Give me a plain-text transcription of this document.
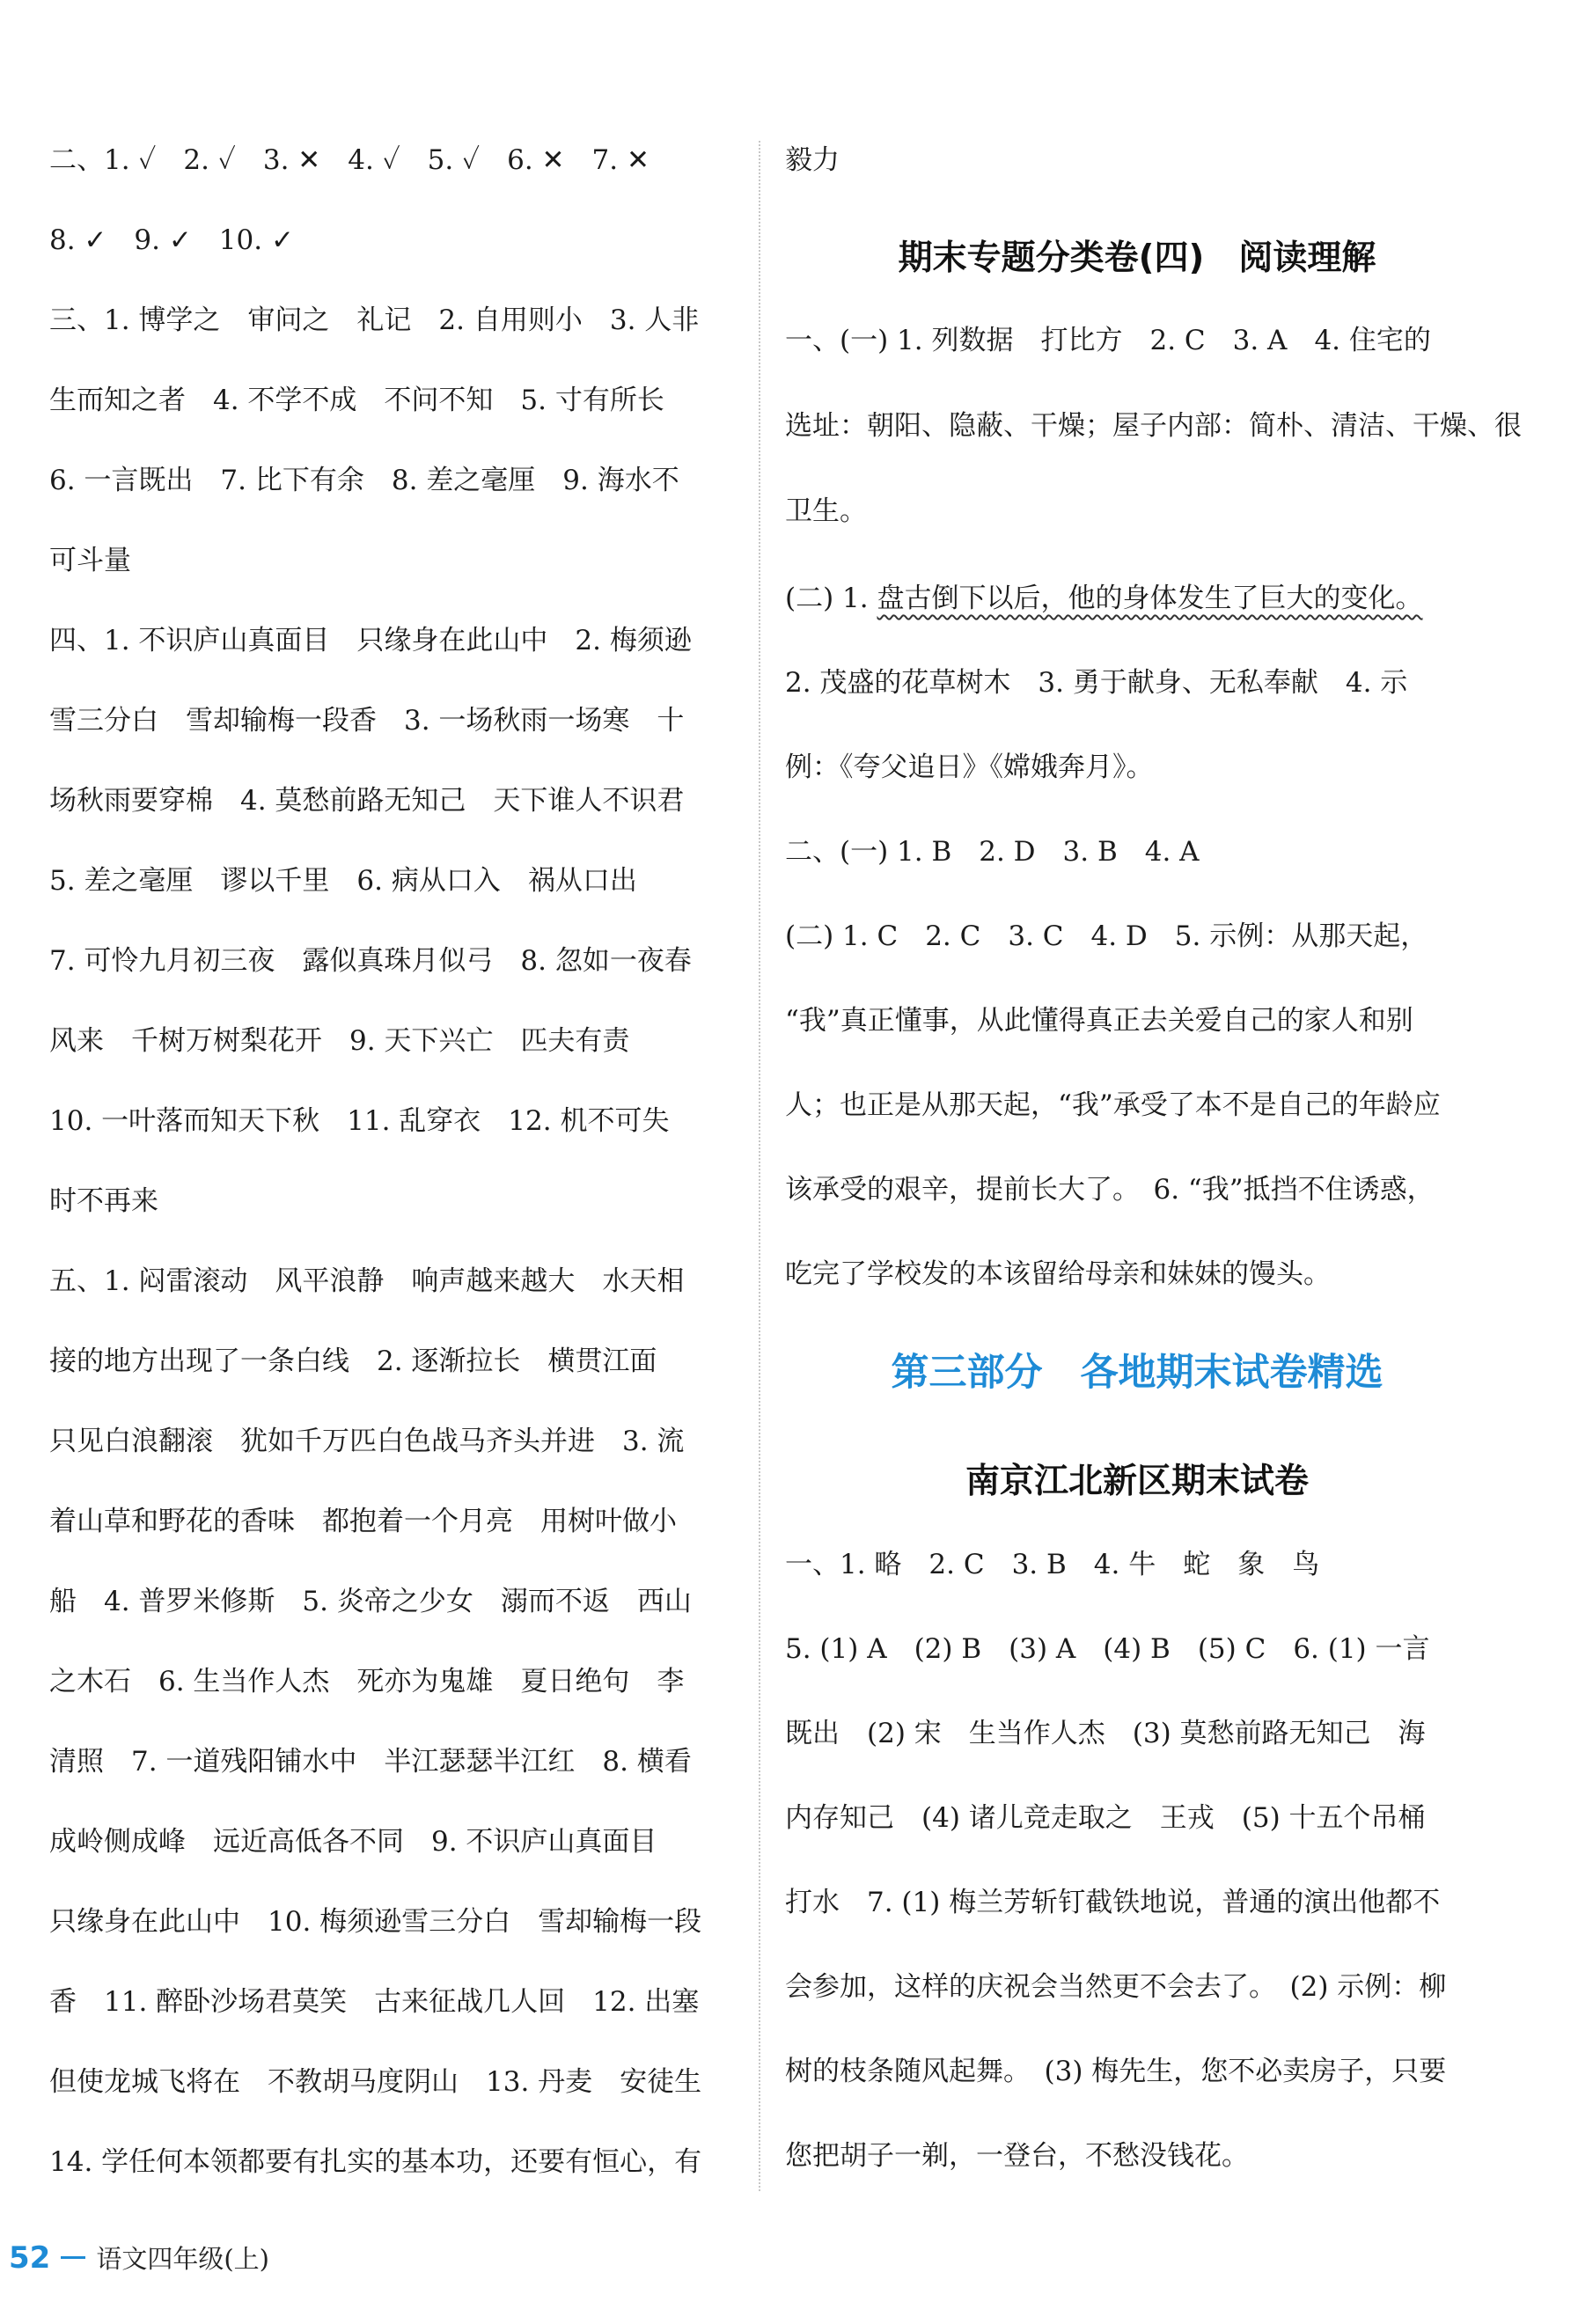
二、1. ✓　2. ✓　3. ✕　4. ✓　5. ✓　6. ✕　7. ✕
8. ✓　9. ✓　10. ✓
三、1. 博学之　审问之　礼记　2. 自用则小　3. 人非
生而知之者　4. 不学不成　不问不知　5. 寸有所长
6. 一言既出　7. 比下有余　8. 差之毫厘　9. 海水不
可斗量
四、1. 不识庐山真面目　只缘身在此山中　2. 梅须逊
雪三分白　雪却输梅一段香　3. 一场秋雨一场寒　十
场秋雨要穿棉　4. 莫愁前路无知己　天下谁人不识君
5. 差之毫厘　谬以千里　6. 病从口入　祸从口出
7. 可怜九月初三夜　露似真珠月似弓　8. 忽如一夜春
风来　千树万树梨花开　9. 天下兴亡　匹夫有责
10. 一叶落而知天下秋　11. 乱穿衣　12. 机不可失
时不再来
五、1. 闷雷滚动　风平浪静　响声越来越大　水天相
接的地方出现了一条白线　2. 逐渐拉长　横贯江面
只见白浪翻滚　犹如千万匹白色战马齐头并进　3. 流
着山草和野花的香味　都抱着一个月亮　用树叶做小
船　4. 普罗米修斯　5. 炎帝之少女　溺而不返　西山
之木石　6. 生当作人杰　死亦为鬼雄　夏日绝句　李
清照　7. 一道残阳铺水中　半江瑟瑟半江红　8. 横看
成岭侧成峰　远近高低各不同　9. 不识庐山真面目
只缘身在此山中　10. 梅须逊雪三分白　雪却输梅一段
香　11. 醉卧沙场君莫笑　古来征战几人回　12. 出塞
但使龙城飞将在　不教胡马度阴山　13. 丹麦　安徒生
14. 学任何本领都要有扎实的基本功，还要有恒心，有
毅力
期末专题分类卷(四)　阅读理解
一、(一) 1. 列数据　打比方　2. C　3. A　4. 住宅的
选址：朝阳、隐蔽、干燥；屋子内部：简朴、清洁、干燥、很
卫生。
(二) 1. 盘古倒下以后，他的身体发生了巨大的变化。
2. 茂盛的花草树木　3. 勇于献身、无私奉献　4. 示
例：《夸父追日》《嫦娥奔月》。
二、(一) 1. B　2. D　3. B　4. A
(二) 1. C　2. C　3. C　4. D　5. 示例：从那天起，
“我”真正懂事，从此懂得真正去关爱自己的家人和别
人；也正是从那天起，“我”承受了本不是自己的年龄应
该承受的艰辛，提前长大了。　6. “我”抵挡不住诱惑，
吃完了学校发的本该留给母亲和妹妹的馒头。
第三部分　各地期末试卷精选
南京江北新区期末试卷
一、1. 略　2. C　3. B　4. 牛　蛇　象　鸟
5. (1) A　(2) B　(3) A　(4) B　(5) C　6. (1) 一言
既出　(2) 宋　生当作人杰　(3) 莫愁前路无知己　海
内存知己　(4) 诸儿竞走取之　王戎　(5) 十五个吊桶
打水　7. (1) 梅兰芳斩钉截铁地说，普通的演出他都不
会参加，这样的庆祝会当然更不会去了。　(2) 示例：柳
树的枝条随风起舞。　(3) 梅先生，您不必卖房子，只要
您把胡子一剃，一登台，不愁没钱花。
52 语文四年级(上)
